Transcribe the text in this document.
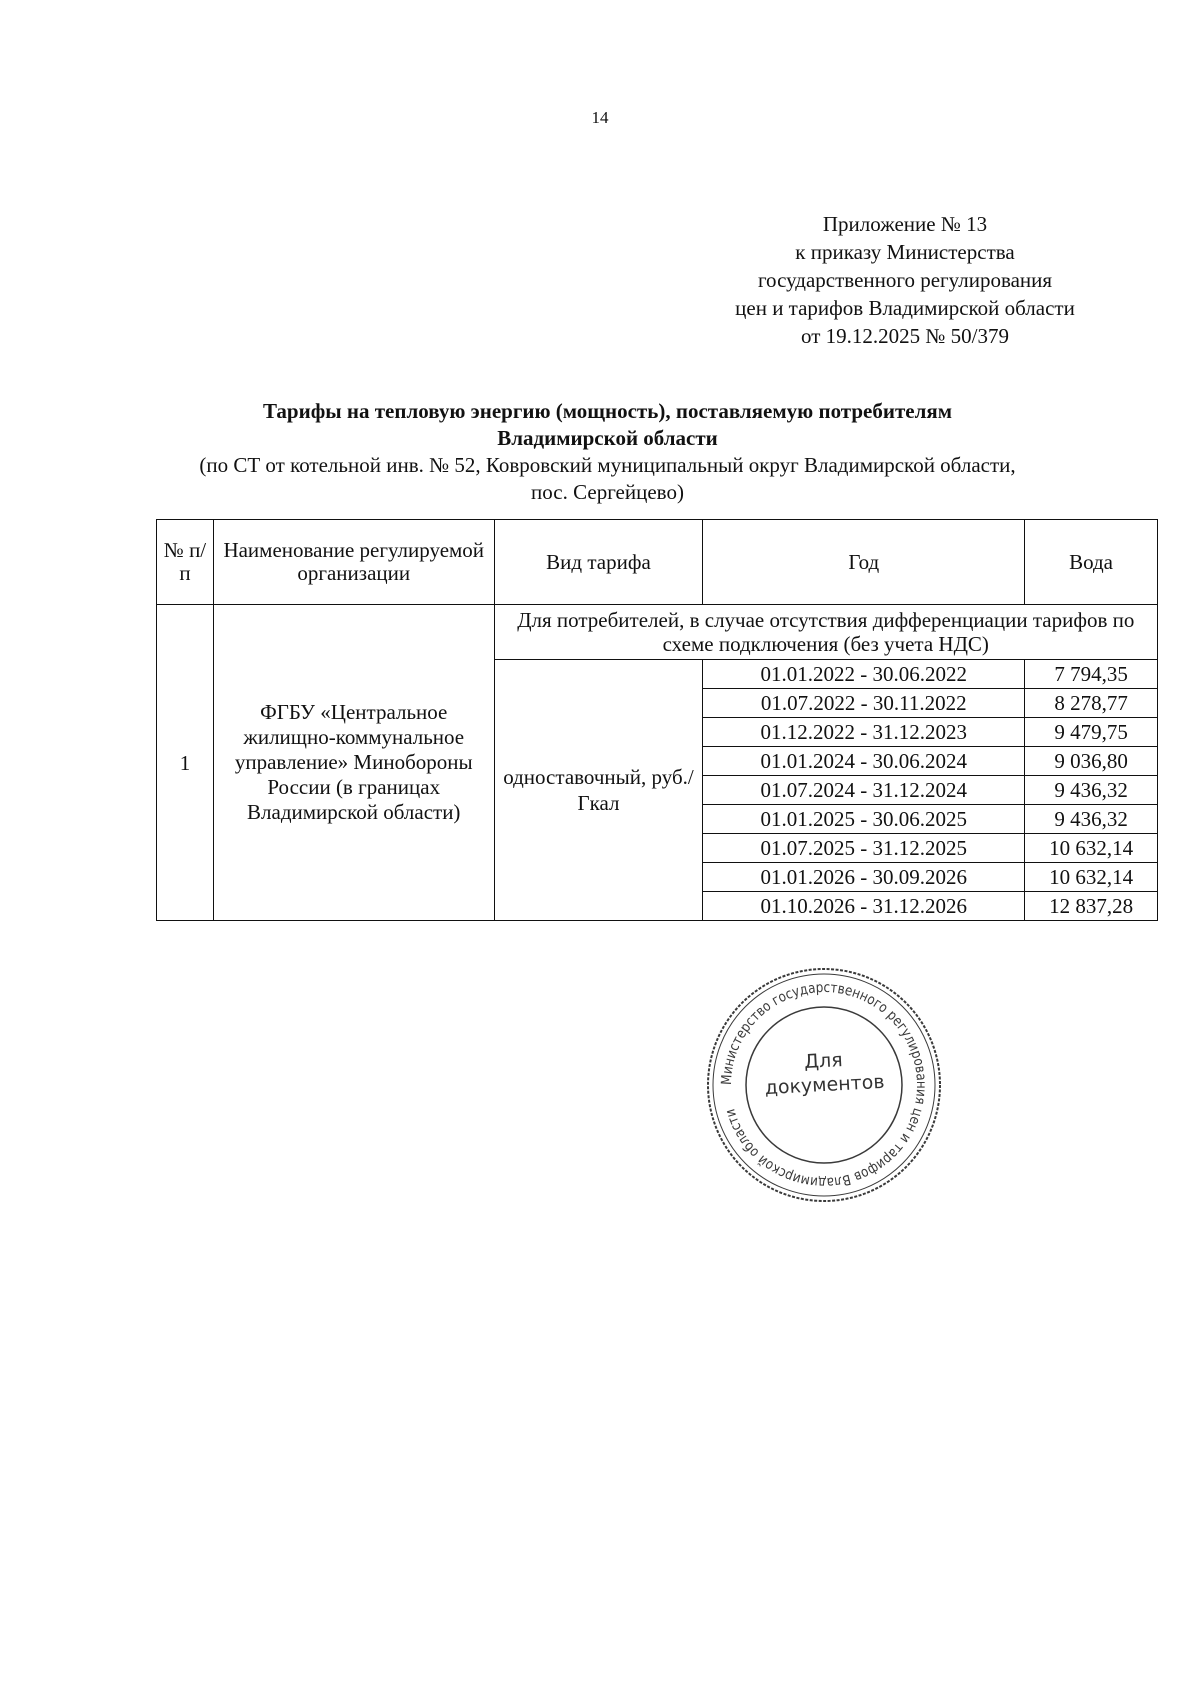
14
Приложение № 13
к приказу Министерства
государственного регулирования
цен и тарифов Владимирской области
от 19.12.2025 № 50/379
Тарифы на тепловую энергию (мощность), поставляемую потребителям
Владимирской области
(по СТ от котельной инв. № 52, Ковровский муниципальный округ Владимирской области,
пос. Сергейцево)
№ п/п	Наименование регулируемой организации	Вид тарифа	Год	Вода
1	ФГБУ «Центральное жилищно-коммунальное управление» Минобороны России (в границах Владимирской области)	Для потребителей, в случае отсутствия дифференциации тарифов по схеме подключения (без учета НДС)		
		одноставочный, руб./Гкал	01.01.2022 - 30.06.2022	7 794,35
			01.07.2022 - 30.11.2022	8 278,77
			01.12.2022 - 31.12.2023	9 479,75
			01.01.2024 - 30.06.2024	9 036,80
			01.07.2024 - 31.12.2024	9 436,32
			01.01.2025 - 30.06.2025	9 436,32
			01.07.2025 - 31.12.2025	10 632,14
			01.01.2026 - 30.09.2026	10 632,14
			01.10.2026 - 31.12.2026	12 837,28
Министерство государственного регулирования цен и тарифов Владимирской области
Для
документов
